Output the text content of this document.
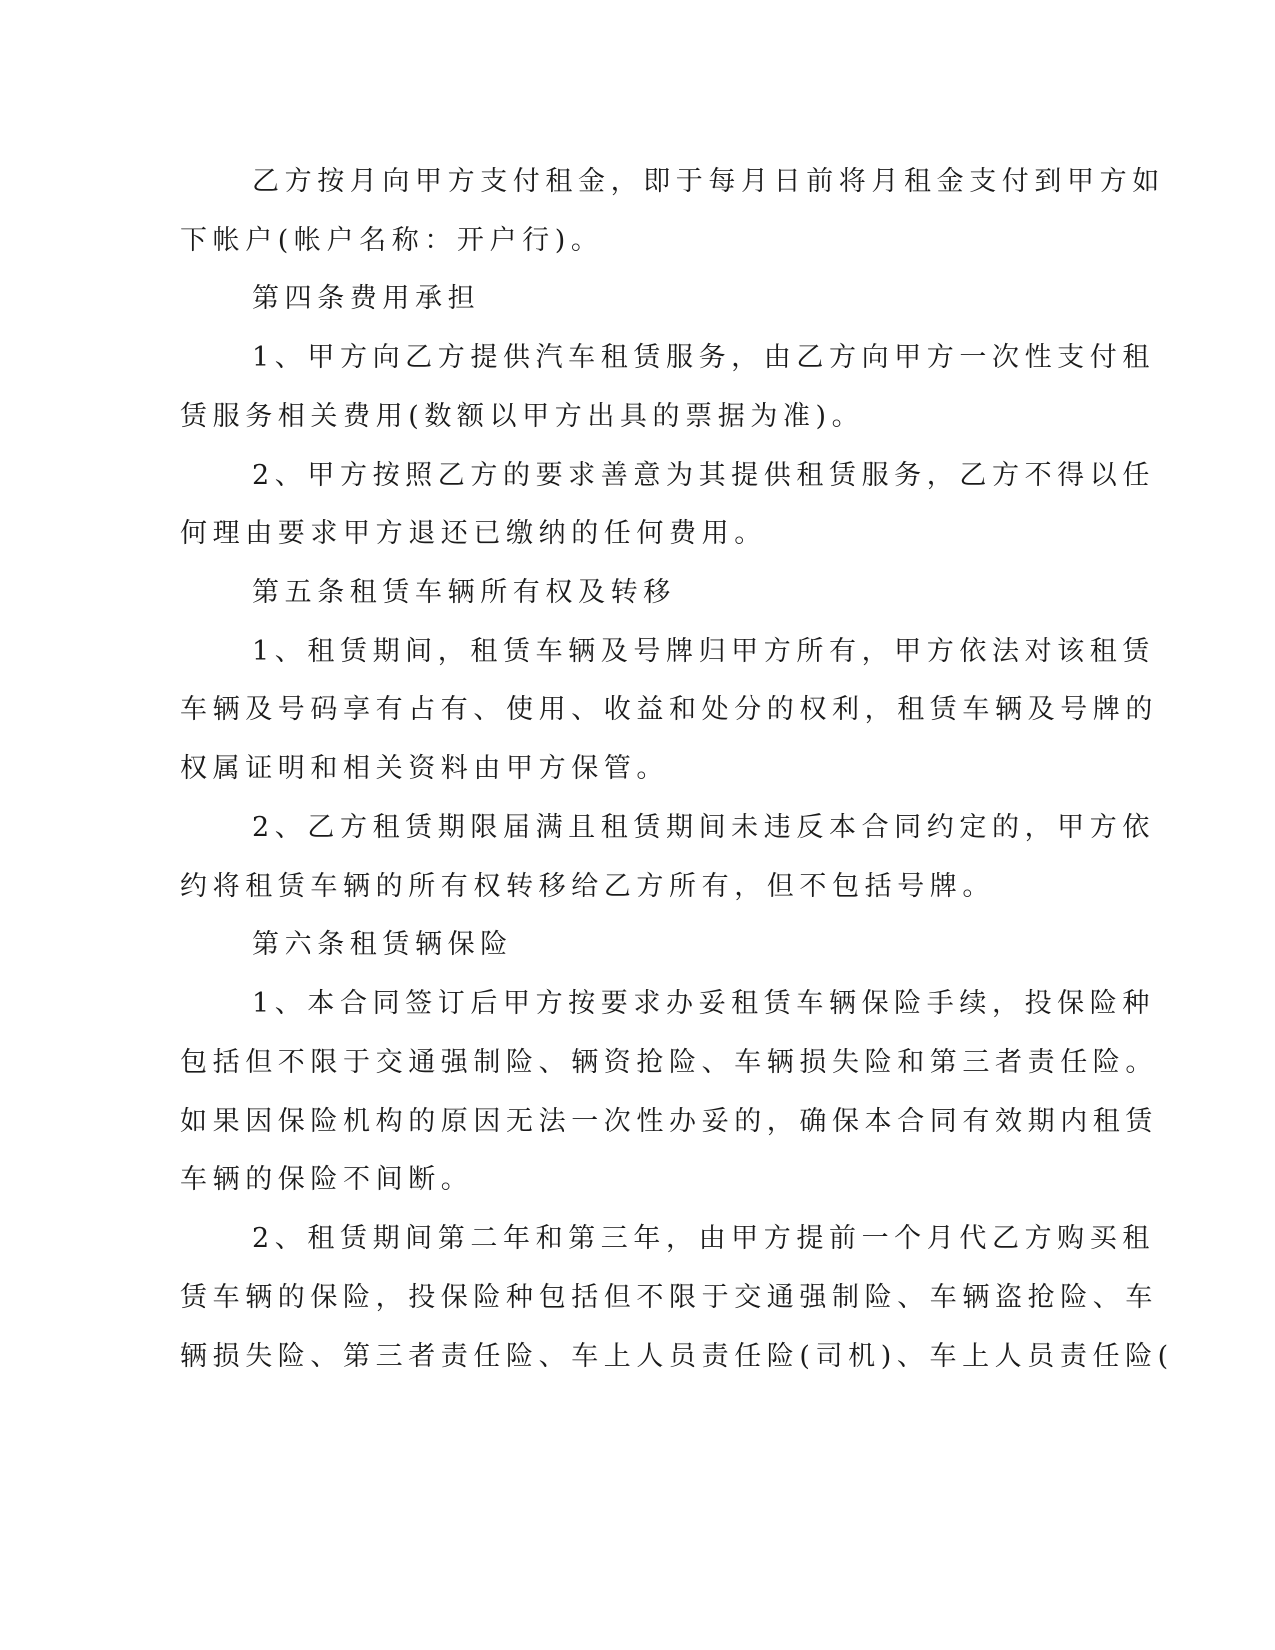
乙方按月向甲方支付租金，即于每月日前将月租金支付到甲方如
下帐户(帐户名称：开户行)。
第四条费用承担
1、甲方向乙方提供汽车租赁服务，由乙方向甲方一次性支付租
赁服务相关费用(数额以甲方出具的票据为准)。
2、甲方按照乙方的要求善意为其提供租赁服务，乙方不得以任
何理由要求甲方退还已缴纳的任何费用。
第五条租赁车辆所有权及转移
1、租赁期间，租赁车辆及号牌归甲方所有，甲方依法对该租赁
车辆及号码享有占有、使用、收益和处分的权利，租赁车辆及号牌的
权属证明和相关资料由甲方保管。
2、乙方租赁期限届满且租赁期间未违反本合同约定的，甲方依
约将租赁车辆的所有权转移给乙方所有，但不包括号牌。
第六条租赁辆保险
1、本合同签订后甲方按要求办妥租赁车辆保险手续，投保险种
包括但不限于交通强制险、辆资抢险、车辆损失险和第三者责任险。
如果因保险机构的原因无法一次性办妥的，确保本合同有效期内租赁
车辆的保险不间断。
2、租赁期间第二年和第三年，由甲方提前一个月代乙方购买租
赁车辆的保险，投保险种包括但不限于交通强制险、车辆盗抢险、车
辆损失险、第三者责任险、车上人员责任险(司机)、车上人员责任险(
